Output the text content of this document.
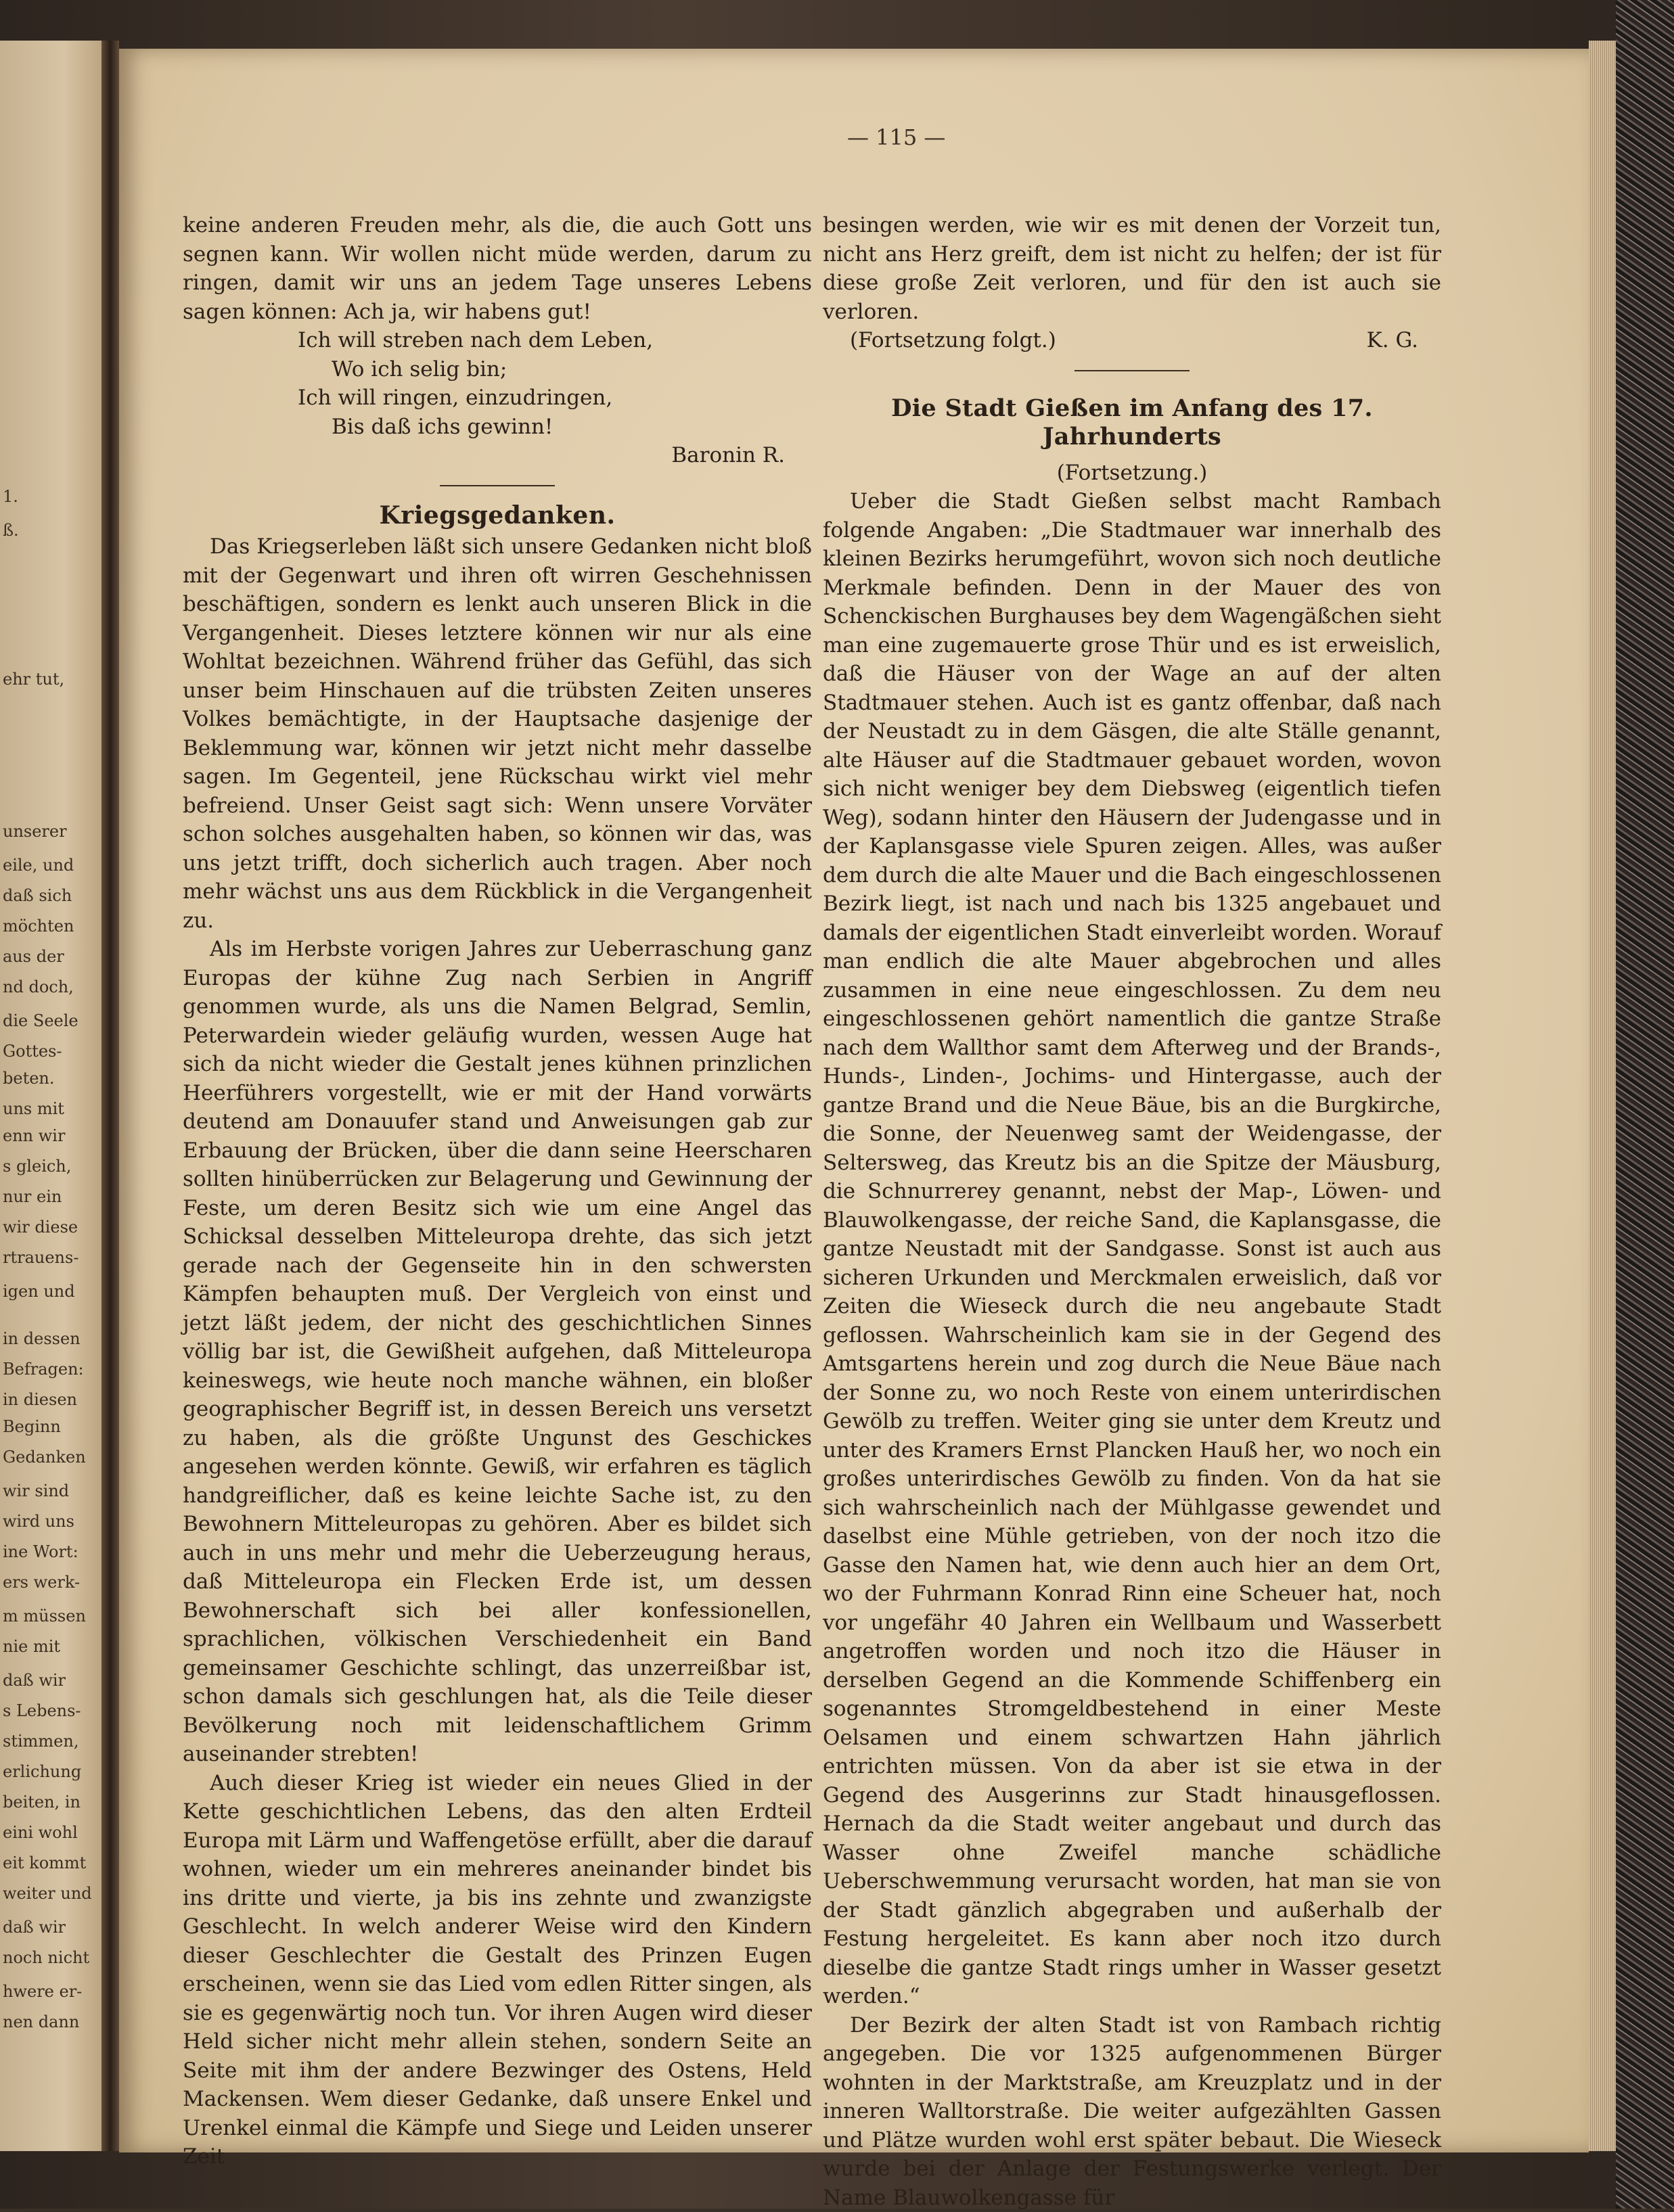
1.
ß.
ehr tut,
unserer
eile, und
daß sich
möchten
aus der
nd doch,
die Seele
Gottes-
beten.
uns mit
enn wir
s gleich,
nur ein
wir diese
rtrauens-
igen und
in dessen
Befragen:
in diesen
Beginn
Gedanken
wir sind
wird uns
ine Wort:
ers werk-
m müssen
nie mit
daß wir
s Lebens-
stimmen,
erlichung
beiten, in
eini wohl
eit kommt
weiter und
daß wir
noch nicht
hwere er-
nen dann
— 115 —

keine anderen Freuden mehr, als die, die auch Gott uns segnen kann. Wir wollen nicht müde werden, darum zu ringen, damit wir uns an jedem Tage unseres Lebens sagen können: Ach ja, wir habens gut!

Ich will streben nach dem Leben,
Wo ich selig bin;
Ich will ringen, einzudringen,
Bis daß ichs gewinn!

Baronin R.

Kriegsgedanken.

Das Kriegserleben läßt sich unsere Gedanken nicht bloß mit der Gegenwart und ihren oft wirren Geschehnissen beschäftigen, sondern es lenkt auch unseren Blick in die Vergangenheit. Dieses letztere können wir nur als eine Wohltat bezeichnen. Während früher das Gefühl, das sich unser beim Hinschauen auf die trübsten Zeiten unseres Volkes bemächtigte, in der Hauptsache dasjenige der Beklemmung war, können wir jetzt nicht mehr dasselbe sagen. Im Gegenteil, jene Rückschau wirkt viel mehr befreiend. Unser Geist sagt sich: Wenn unsere Vorväter schon solches ausgehalten haben, so können wir das, was uns jetzt trifft, doch sicherlich auch tragen. Aber noch mehr wächst uns aus dem Rückblick in die Vergangenheit zu.

Als im Herbste vorigen Jahres zur Ueberraschung ganz Europas der kühne Zug nach Serbien in Angriff genommen wurde, als uns die Namen Belgrad, Semlin, Peterwardein wieder geläufig wurden, wessen Auge hat sich da nicht wieder die Gestalt jenes kühnen prinzlichen Heerführers vorgestellt, wie er mit der Hand vorwärts deutend am Donauufer stand und Anweisungen gab zur Erbauung der Brücken, über die dann seine Heerscharen sollten hinüberrücken zur Belagerung und Gewinnung der Feste, um deren Besitz sich wie um eine Angel das Schicksal desselben Mitteleuropa drehte, das sich jetzt gerade nach der Gegenseite hin in den schwersten Kämpfen behaupten muß. Der Vergleich von einst und jetzt läßt jedem, der nicht des geschichtlichen Sinnes völlig bar ist, die Gewißheit aufgehen, daß Mitteleuropa keineswegs, wie heute noch manche wähnen, ein bloßer geographischer Begriff ist, in dessen Bereich uns versetzt zu haben, als die größte Ungunst des Geschickes angesehen werden könnte. Gewiß, wir erfahren es täglich handgreiflicher, daß es keine leichte Sache ist, zu den Bewohnern Mitteleuropas zu gehören. Aber es bildet sich auch in uns mehr und mehr die Ueberzeugung heraus, daß Mitteleuropa ein Flecken Erde ist, um dessen Bewohnerschaft sich bei aller konfessionellen, sprachlichen, völkischen Verschiedenheit ein Band gemeinsamer Geschichte schlingt, das unzerreißbar ist, schon damals sich geschlungen hat, als die Teile dieser Bevölkerung noch mit leidenschaftlichem Grimm auseinander strebten!

Auch dieser Krieg ist wieder ein neues Glied in der Kette geschichtlichen Lebens, das den alten Erdteil Europa mit Lärm und Waffengetöse erfüllt, aber die darauf wohnen, wieder um ein mehreres aneinander bindet bis ins dritte und vierte, ja bis ins zehnte und zwanzigste Geschlecht. In welch anderer Weise wird den Kindern dieser Geschlechter die Gestalt des Prinzen Eugen erscheinen, wenn sie das Lied vom edlen Ritter singen, als sie es gegenwärtig noch tun. Vor ihren Augen wird dieser Held sicher nicht mehr allein stehen, sondern Seite an Seite mit ihm der andere Bezwinger des Ostens, Held Mackensen. Wem dieser Gedanke, daß unsere Enkel und Urenkel einmal die Kämpfe und Siege und Leiden unserer Zeit

besingen werden, wie wir es mit denen der Vorzeit tun, nicht ans Herz greift, dem ist nicht zu helfen; der ist für diese große Zeit verloren, und für den ist auch sie verloren.

(Fortsetzung folgt.)	K. G.
Die Stadt Gießen im Anfang des 17. Jahrhunderts

(Fortsetzung.)

Ueber die Stadt Gießen selbst macht Rambach folgende Angaben: „Die Stadtmauer war innerhalb des kleinen Bezirks herumgeführt, wovon sich noch deutliche Merkmale befinden. Denn in der Mauer des von Schenckischen Burghauses bey dem Wagengäßchen sieht man eine zugemauerte grose Thür und es ist erweislich, daß die Häuser von der Wage an auf der alten Stadtmauer stehen. Auch ist es gantz offenbar, daß nach der Neustadt zu in dem Gäsgen, die alte Ställe genannt, alte Häuser auf die Stadtmauer gebauet worden, wovon sich nicht weniger bey dem Diebsweg (eigentlich tiefen Weg), sodann hinter den Häusern der Judengasse und in der Kaplansgasse viele Spuren zeigen. Alles, was außer dem durch die alte Mauer und die Bach eingeschlossenen Bezirk liegt, ist nach und nach bis 1325 angebauet und damals der eigentlichen Stadt einverleibt worden. Worauf man endlich die alte Mauer abgebrochen und alles zusammen in eine neue eingeschlossen. Zu dem neu eingeschlossenen gehört namentlich die gantze Straße nach dem Wallthor samt dem Afterweg und der Brands-, Hunds-, Linden-, Jochims- und Hintergasse, auch der gantze Brand und die Neue Bäue, bis an die Burgkirche, die Sonne, der Neuenweg samt der Weidengasse, der Seltersweg, das Kreutz bis an die Spitze der Mäusburg, die Schnurrerey genannt, nebst der Map-, Löwen- und Blauwolkengasse, der reiche Sand, die Kaplansgasse, die gantze Neustadt mit der Sandgasse. Sonst ist auch aus sicheren Urkunden und Merckmalen erweislich, daß vor Zeiten die Wieseck durch die neu angebaute Stadt geflossen. Wahrscheinlich kam sie in der Gegend des Amtsgartens herein und zog durch die Neue Bäue nach der Sonne zu, wo noch Reste von einem unterirdischen Gewölb zu treffen. Weiter ging sie unter dem Kreutz und unter des Kramers Ernst Plancken Hauß her, wo noch ein großes unterirdisches Gewölb zu finden. Von da hat sie sich wahrscheinlich nach der Mühlgasse gewendet und daselbst eine Mühle getrieben, von der noch itzo die Gasse den Namen hat, wie denn auch hier an dem Ort, wo der Fuhrmann Konrad Rinn eine Scheuer hat, noch vor ungefähr 40 Jahren ein Wellbaum und Wasserbett angetroffen worden und noch itzo die Häuser in derselben Gegend an die Kommende Schiffenberg ein sogenanntes Stromgeldbestehend in einer Meste Oelsamen und einem schwartzen Hahn jährlich entrichten müssen. Von da aber ist sie etwa in der Gegend des Ausgerinns zur Stadt hinausgeflossen. Hernach da die Stadt weiter angebaut und durch das Wasser ohne Zweifel manche schädliche Ueberschwemmung verursacht worden, hat man sie von der Stadt gänzlich abgegraben und außerhalb der Festung hergeleitet. Es kann aber noch itzo durch dieselbe die gantze Stadt rings umher in Wasser gesetzt werden.“

Der Bezirk der alten Stadt ist von Rambach richtig angegeben. Die vor 1325 aufgenommenen Bürger wohnten in der Marktstraße, am Kreuzplatz und in der inneren Walltorstraße. Die weiter aufgezählten Gassen und Plätze wurden wohl erst später bebaut. Die Wieseck wurde bei der Anlage der Festungswerke verlegt. Der Name Blauwolkengasse für
